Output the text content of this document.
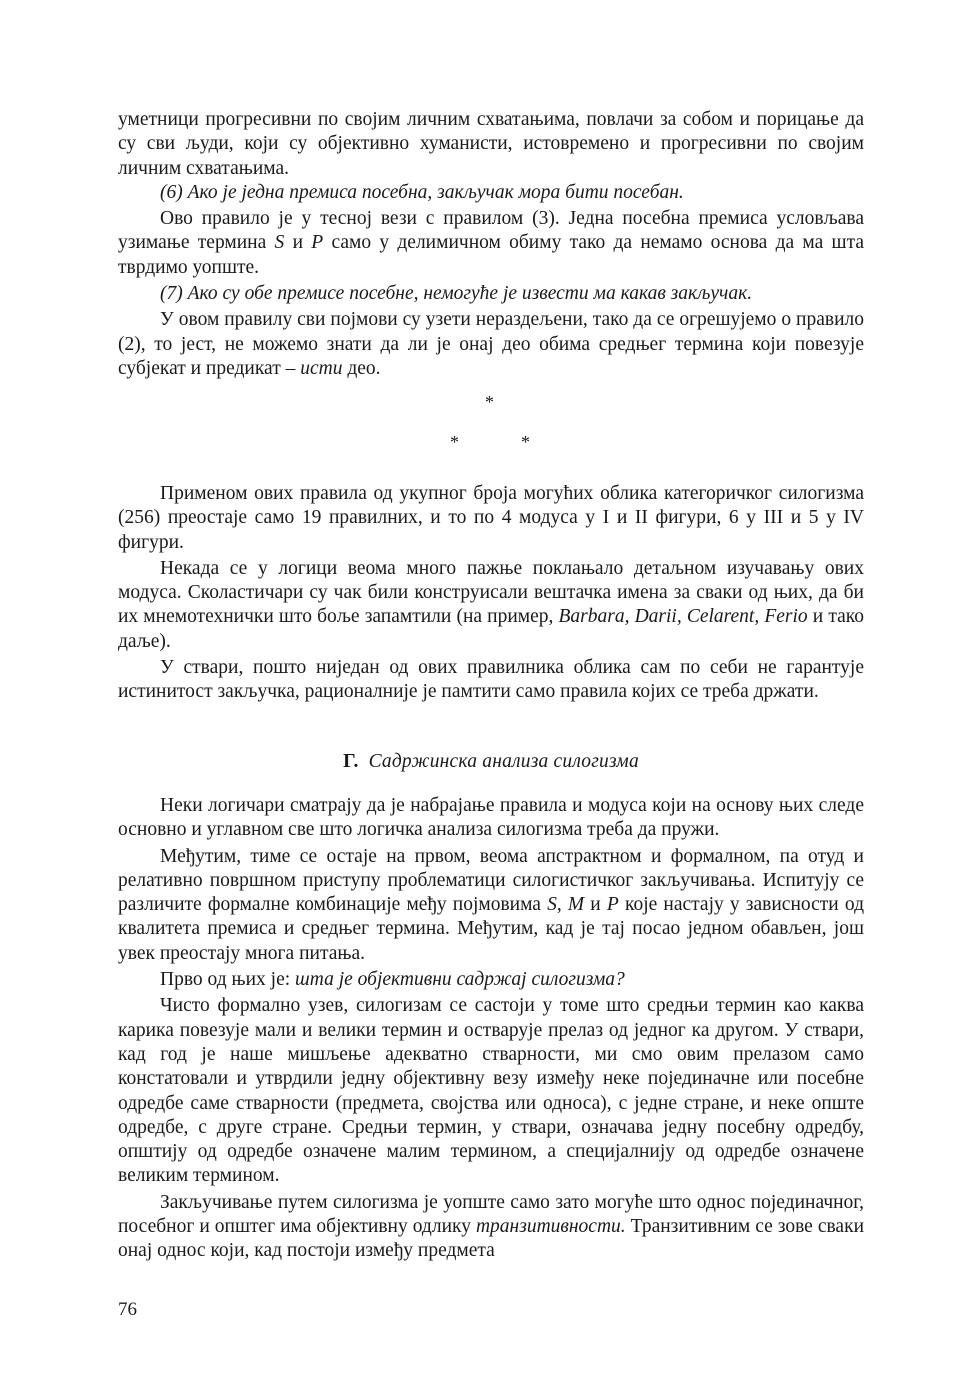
уметници прогресивни по својим личним схватањима, повлачи за собом и порицање да су сви људи, који су објективно хуманисти, истовремено и прогресивни по својим личним схватањима.

(6) Ако је једна премиса посебна, закључак мора бити посебан.

Ово правило је у тесној вези с правилом (3). Једна посебна премиса условљава узимање термина S и P само у делимичном обиму тако да немамо основа да ма шта тврдимо уопште.

(7) Ако су обе премисе посебне, немогуће је извести ма какав закључак.

У овом правилу сви појмови су узети нераздељени, тако да се огрешујемо о правило (2), то јест, не можемо знати да ли је онај део обима средњег термина који повезује субјекат и предикат – исти део.

*
*	*

Применом ових правила од укупног броја могућих облика категоричког силогизма (256) преостаје само 19 правилних, и то по 4 модуса у I и II фигури, 6 у III и 5 у IV фигури.

Некада се у логици веома много пажње поклањало детаљном изучавању ових модуса. Сколастичари су чак били конструисали вештачка имена за сваки од њих, да би их мнемотехнички што боље запамтили (на пример, Barbara, Darii, Celarent, Ferio и тако даље).

У ствари, пошто ниједан од ових правилника облика сам по себи не гарантује истинитост закључка, рационалније је памтити само правила којих се треба држати.

Г. Садржинска анализа силогизма

Неки логичари сматрају да је набрајање правила и модуса који на основу њих следе основно и углавном све што логичка анализа силогизма треба да пружи.

Међутим, тиме се остаје на првом, веома апстрактном и формалном, па отуд и релативно површном приступу проблематици силогистичког закључивања. Испитују се различите формалне комбинације међу појмовима S, M и P које настају у зависности од квалитета премиса и средњег термина. Међутим, кад је тај посао једном обављен, још увек преостају многа питања.

Прво од њих је: шта је објективни садржај силогизма?

Чисто формално узев, силогизам се састоји у томе што средњи термин као каква карика повезује мали и велики термин и остварује прелаз од једног ка другом. У ствари, кад год је наше мишљење адекватно стварности, ми смо овим прелазом само констатовали и утврдили једну објективну везу између неке појединачне или посебне одредбе саме стварности (предмета, својства или односа), с једне стране, и неке опште одредбе, с друге стране. Средњи термин, у ствари, означава једну посебну одредбу, општију од одредбе означене малим термином, а специјалнију од одредбе означене великим термином.

Закључивање путем силогизма је уопште само зато могуће што однос појединачног, посебног и општег има објективну одлику транзитивности. Транзитивним се зове сваки онај однос који, кад постоји између предмета

76
